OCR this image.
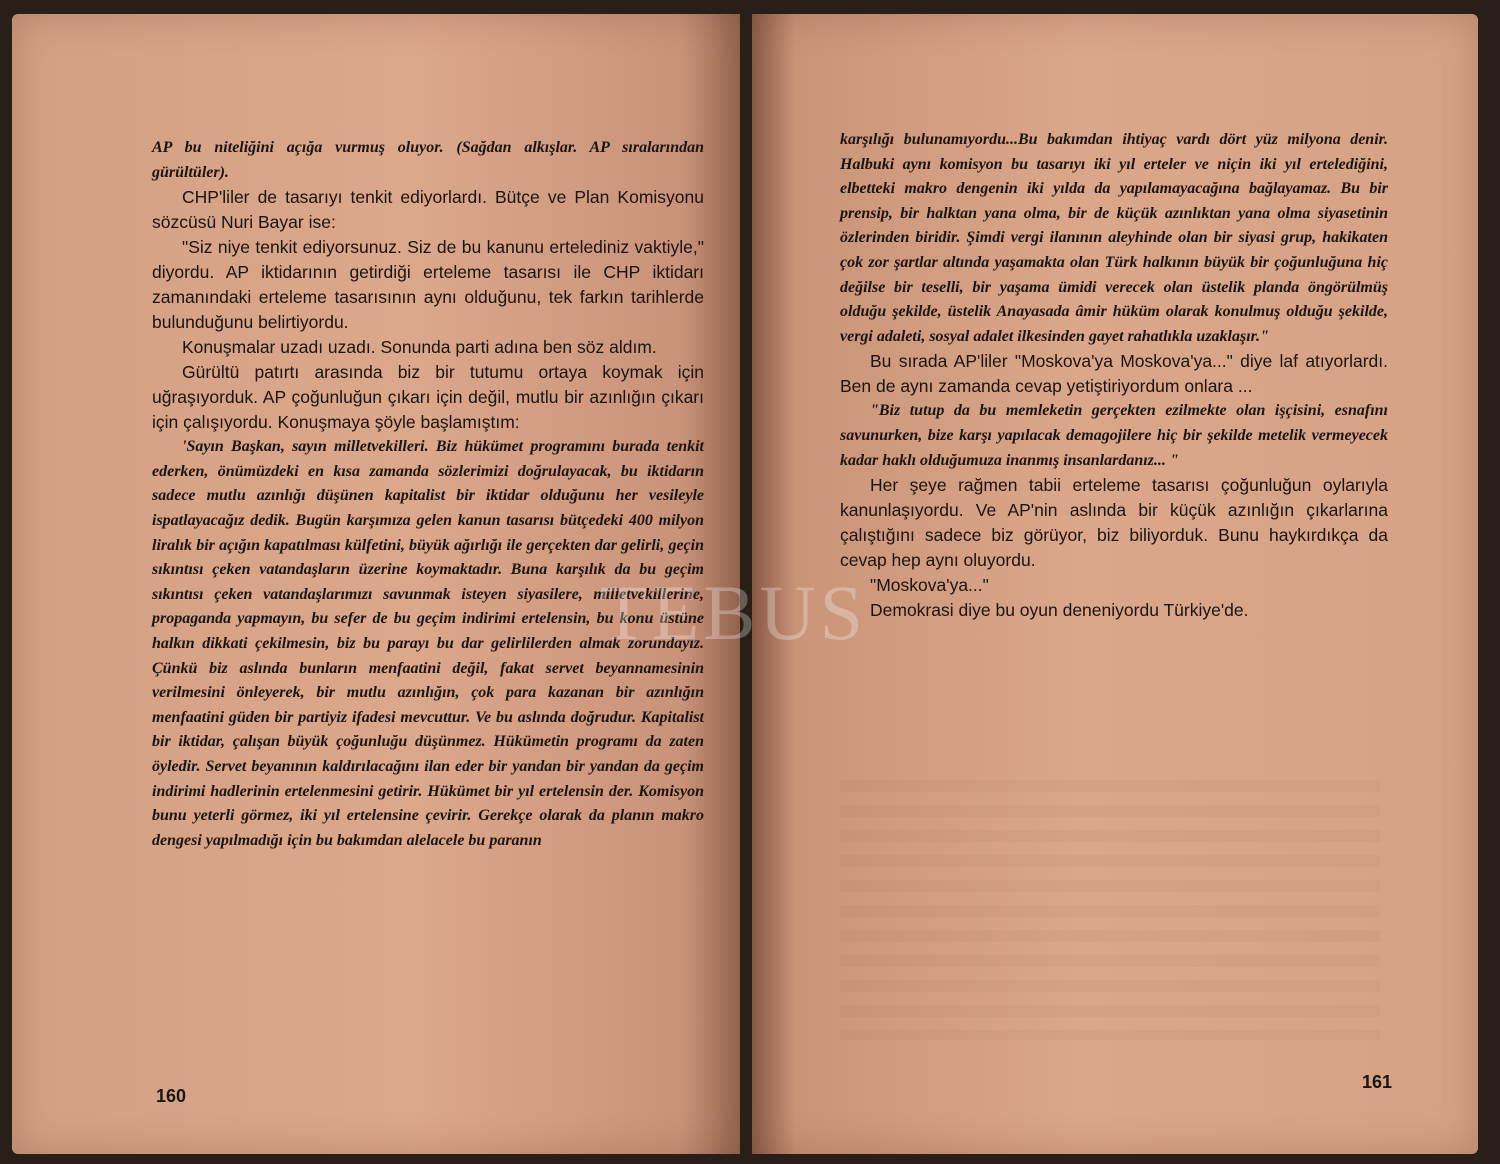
AP bu niteliğini açığa vurmuş oluyor. (Sağdan alkışlar. AP sıralarından gürültüler).

CHP'liler de tasarıyı tenkit ediyorlardı. Bütçe ve Plan Komisyonu sözcüsü Nuri Bayar ise:

"Siz niye tenkit ediyorsunuz. Siz de bu kanunu ertelediniz vaktiyle," diyordu. AP iktidarının getirdiği erteleme tasarısı ile CHP iktidarı zamanındaki erteleme tasarısının aynı olduğunu, tek farkın tarihlerde bulunduğunu belirtiyordu.

Konuşmalar uzadı uzadı. Sonunda parti adına ben söz aldım.

Gürültü patırtı arasında biz bir tutumu ortaya koymak için uğraşıyorduk. AP çoğunluğun çıkarı için değil, mutlu bir azınlığın çıkarı için çalışıyordu. Konuşmaya şöyle başlamıştım:

'Sayın Başkan, sayın milletvekilleri. Biz hükümet programını burada tenkit ederken, önümüzdeki en kısa zamanda sözlerimizi doğrulayacak, bu iktidarın sadece mutlu azınlığı düşünen kapitalist bir iktidar olduğunu her vesileyle ispatlayacağız dedik. Bugün karşımıza gelen kanun tasarısı bütçedeki 400 milyon liralık bir açığın kapatılması külfetini, büyük ağırlığı ile gerçekten dar gelirli, geçin sıkıntısı çeken vatandaşların üzerine koymaktadır. Buna karşılık da bu geçim sıkıntısı çeken vatandaşlarımızı savunmak isteyen siyasilere, milletvekillerine, propaganda yapmayın, bu sefer de bu geçim indirimi ertelensin, bu konu üstüne halkın dikkati çekilmesin, biz bu parayı bu dar gelirlilerden almak zorundayız. Çünkü biz aslında bunların menfaatini değil, fakat servet beyannamesinin verilmesini önleyerek, bir mutlu azınlığın, çok para kazanan bir azınlığın menfaatini güden bir partiyiz ifadesi mevcuttur. Ve bu aslında doğrudur. Kapitalist bir iktidar, çalışan büyük çoğunluğu düşünmez. Hükümetin programı da zaten öyledir. Servet beyanının kaldırılacağını ilan eder bir yandan bir yandan da geçim indirimi hadlerinin ertelenmesini getirir. Hükümet bir yıl ertelensin der. Komisyon bunu yeterli görmez, iki yıl ertelensine çevirir. Gerekçe olarak da planın makro dengesi yapılmadığı için bu bakımdan alelacele bu paranın

160

karşılığı bulunamıyordu...Bu bakımdan ihtiyaç vardı dört yüz milyona denir. Halbuki aynı komisyon bu tasarıyı iki yıl erteler ve niçin iki yıl ertelediğini, elbetteki makro dengenin iki yılda da yapılamayacağına bağlayamaz. Bu bir prensip, bir halktan yana olma, bir de küçük azınlıktan yana olma siyasetinin özlerinden biridir. Şimdi vergi ilanının aleyhinde olan bir siyasi grup, hakikaten çok zor şartlar altında yaşamakta olan Türk halkının büyük bir çoğunluğuna hiç değilse bir teselli, bir yaşama ümidi verecek olan üstelik planda öngörülmüş olduğu şekilde, üstelik Anayasada âmir hüküm olarak konulmuş olduğu şekilde, vergi adaleti, sosyal adalet ilkesinden gayet rahatlıkla uzaklaşır."

Bu sırada AP'liler "Moskova'ya Moskova'ya..." diye laf atıyorlardı. Ben de aynı zamanda cevap yetiştiriyordum onlara ...

"Biz tutup da bu memleketin gerçekten ezilmekte olan işçisini, esnafını savunurken, bize karşı yapılacak demagojilere hiç bir şekilde metelik vermeyecek kadar haklı olduğumuza inanmış insanlardanız... "

Her şeye rağmen tabii erteleme tasarısı çoğunluğun oylarıyla kanunlaşıyordu. Ve AP'nin aslında bir küçük azınlığın çıkarlarına çalıştığını sadece biz görüyor, biz biliyorduk. Bunu haykırdıkça da cevap hep aynı oluyordu.

"Moskova'ya..."

Demokrasi diye bu oyun deneniyordu Türkiye'de.

161
TEBUS
